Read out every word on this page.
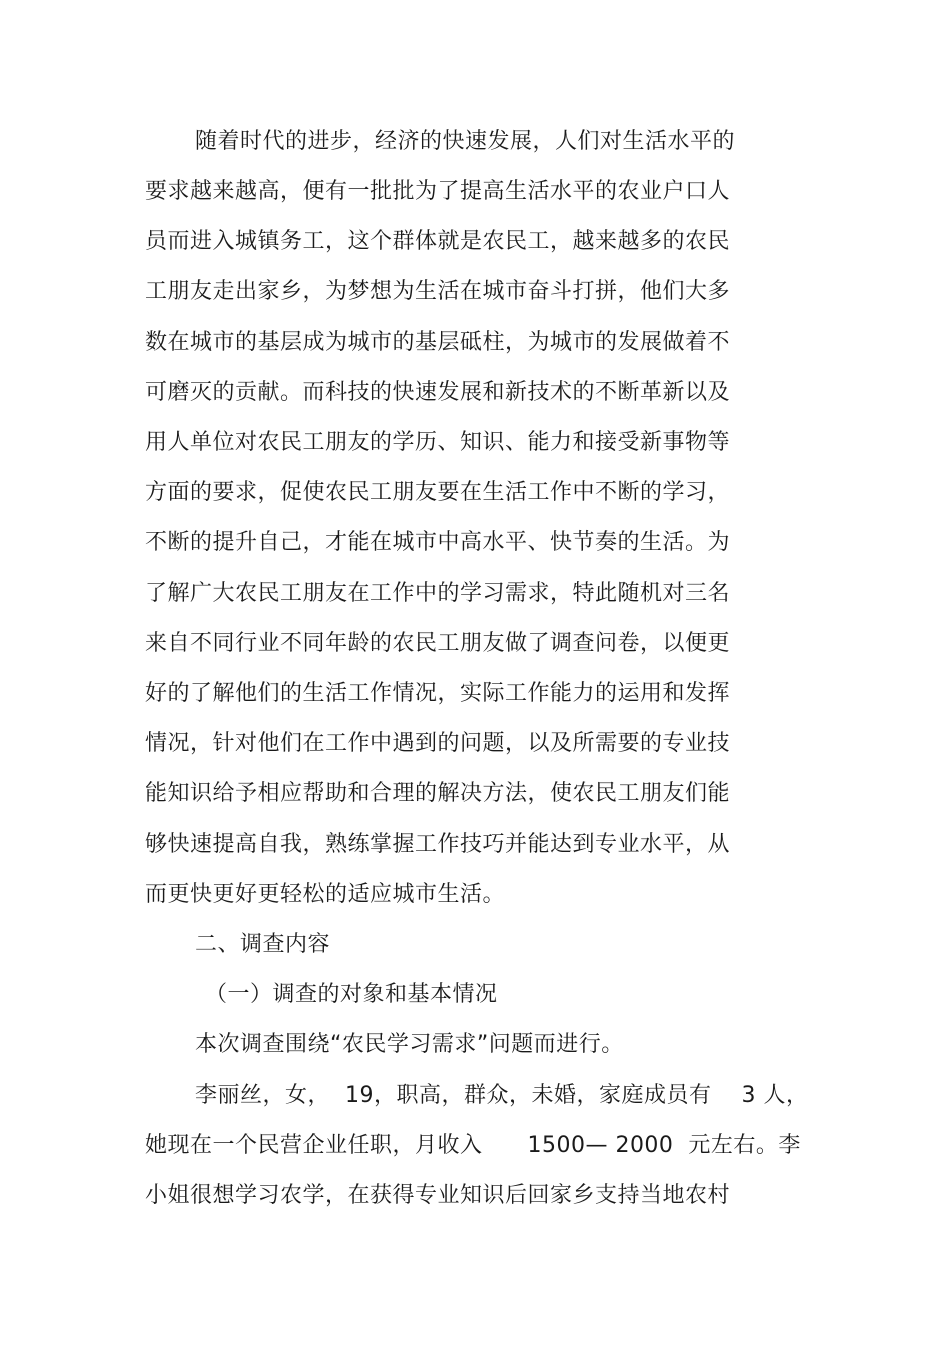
随着时代的进步，经济的快速发展，人们对生活水平的
要求越来越高，便有一批批为了提高生活水平的农业户口人
员而进入城镇务工，这个群体就是农民工，越来越多的农民
工朋友走出家乡，为梦想为生活在城市奋斗打拼，他们大多
数在城市的基层成为城市的基层砥柱，为城市的发展做着不
可磨灭的贡献。而科技的快速发展和新技术的不断革新以及
用人单位对农民工朋友的学历、知识、能力和接受新事物等
方面的要求，促使农民工朋友要在生活工作中不断的学习，
不断的提升自己，才能在城市中高水平、快节奏的生活。为
了解广大农民工朋友在工作中的学习需求，特此随机对三名
来自不同行业不同年龄的农民工朋友做了调查问卷，以便更
好的了解他们的生活工作情况，实际工作能力的运用和发挥
情况，针对他们在工作中遇到的问题，以及所需要的专业技
能知识给予相应帮助和合理的解决方法，使农民工朋友们能
够快速提高自我，熟练掌握工作技巧并能达到专业水平，从
而更快更好更轻松的适应城市生活。
二、调查内容
（一）调查的对象和基本情况
本次调查围绕“农民学习需求”问题而进行。
李丽丝，女，  19，职高，群众，未婚，家庭成员有    3 人，
她现在一个民营企业任职，月收入      1500— 2000  元左右。李
小姐很想学习农学，在获得专业知识后回家乡支持当地农村
